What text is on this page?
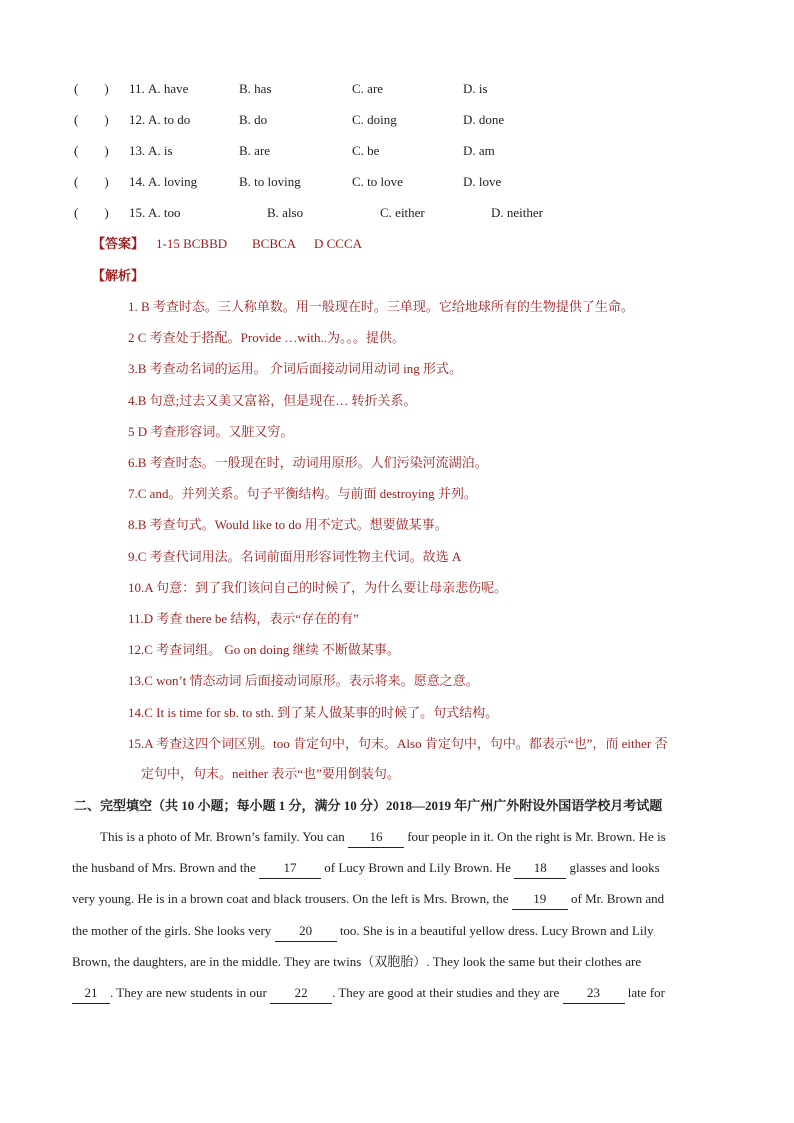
(　　) 11. A. have	B. has	C. are	D. is
(　　) 12. A. to do	B. do	C. doing	D. done
(　　) 13. A. is	B. are	C. be	D. am
(　　) 14. A. loving	B. to loving	C. to love	D. love
(　　) 15. A. too	B. also	C. either	D. neither
【答案】 1-15 BCBBD BCBCA D CCCA
【解析】
1. B 考查时态。三人称单数。用一般现在时。三单现。它给地球所有的生物提供了生命。
2 C 考查处于搭配。Provide …with..为。。。提供。
3.B 考查动名词的运用。 介词后面接动词用动词 ing 形式。
4.B 句意;过去又美又富裕，但是现在… 转折关系。
5 D 考查形容词。又脏又穷。
6.B 考查时态。一般现在时，动词用原形。人们污染河流湖泊。
7.C and。并列关系。句子平衡结构。与前面 destroying 并列。
8.B 考查句式。Would like to do 用不定式。想要做某事。
9.C 考查代词用法。名词前面用形容词性物主代词。故选 A
10.A 句意：到了我们该问自己的时候了，为什么要让母亲悲伤呢。
11.D 考查 there be 结构，表示“存在的有”
12.C 考查词组。 Go on doing 继续 不断做某事。
13.C won’t 情态动词 后面接动词原形。表示将来。愿意之意。
14.C It is time for sb. to sth. 到了某人做某事的时候了。句式结构。
15.A 考查这四个词区别。too 肯定句中，句末。Also 肯定句中，句中。都表示“也”，而 either 否
定句中，句末。neither 表示“也”要用倒装句。
二、完型填空（共 10 小题；每小题 1 分，满分 10 分）2018—2019 年广州广外附设外国语学校月考试题
This is a photo of Mr. Brown’s family. You can 16 four people in it. On the right is Mr. Brown. He is
the husband of Mrs. Brown and the 17 of Lucy Brown and Lily Brown. He 18 glasses and looks
very young. He is in a brown coat and black trousers. On the left is Mrs. Brown, the 19 of Mr. Brown and
the mother of the girls. She looks very 20 too. She is in a beautiful yellow dress. Lucy Brown and Lily
Brown, the daughters, are in the middle. They are twins（双胞胎）. They look the same but their clothes are
21 . They are new students in our 22 . They are good at their studies and they are 23 late for
